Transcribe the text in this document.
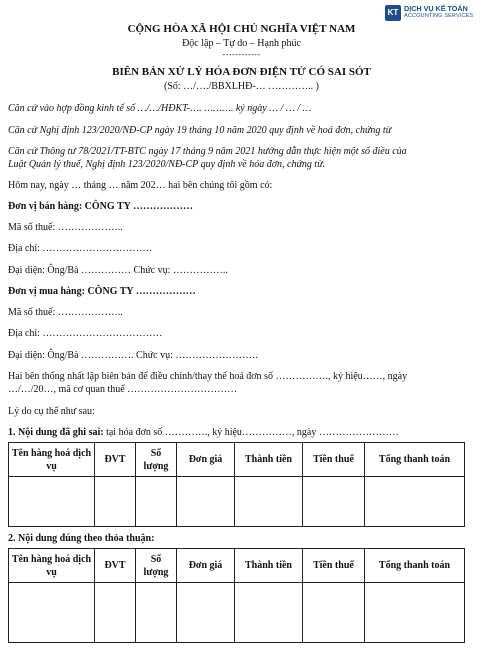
KT DỊCH VỤ KẾ TOÁN
ACCOUNTING SERVICES
CỘNG HÒA XÃ HỘI CHỦ NGHĨA VIỆT NAM
Độc lập – Tự do – Hạnh phúc
------------
BIÊN BẢN XỬ LÝ HÓA ĐƠN ĐIỆN TỬ CÓ SAI SÓT
(Số: …/…./BBXLHĐ-… ………….. )
Căn cứ vào hợp đồng kinh tế số …/…/HĐKT-…. ………. ký ngày … / … / …
Căn cứ Nghị định 123/2020/NĐ-CP ngày 19 tháng 10 năm 2020 quy định về hoá đơn, chứng từ
Căn cứ Thông tư 78/2021/TT-BTC ngày 17 tháng 9 năm 2021 hướng dẫn thực hiện một số điều của
Luật Quản lý thuế, Nghị định 123/2020/NĐ-CP quy định về hóa đơn, chứng từ.
Hôm nay, ngày … tháng … năm 202… hai bên chúng tôi gồm có:
Đơn vị bán hàng: CÔNG TY ………………
Mã số thuế: ………………..
Địa chỉ: ……………………………
Đại diện: Ông/Bà …………… Chức vụ: ……………..
Đơn vị mua hàng: CÔNG TY ………………
Mã số thuế: ………………..
Địa chỉ: ………………………………
Đại diện: Ông/Bà ……………. Chức vụ: …………………….
Hai bên thống nhất lập biên bản để điều chỉnh/thay thế hoá đơn số ……………., ký hiệu……, ngày
…/…/20…, mã cơ quan thuế ……………………………
Lý do cụ thể như sau:
1. Nội dung đã ghi sai: tại hóa đơn số …………., ký hiệu……………, ngày ……………………
Tên hàng hoá dịch vụ	ĐVT	Số lượng	Đơn giá	Thành tiền	Tiền thuế	Tổng thanh toán

2. Nội dung đúng theo thỏa thuận:
Tên hàng hoá dịch vụ	ĐVT	Số lượng	Đơn giá	Thành tiền	Tiền thuế	Tổng thanh toán
